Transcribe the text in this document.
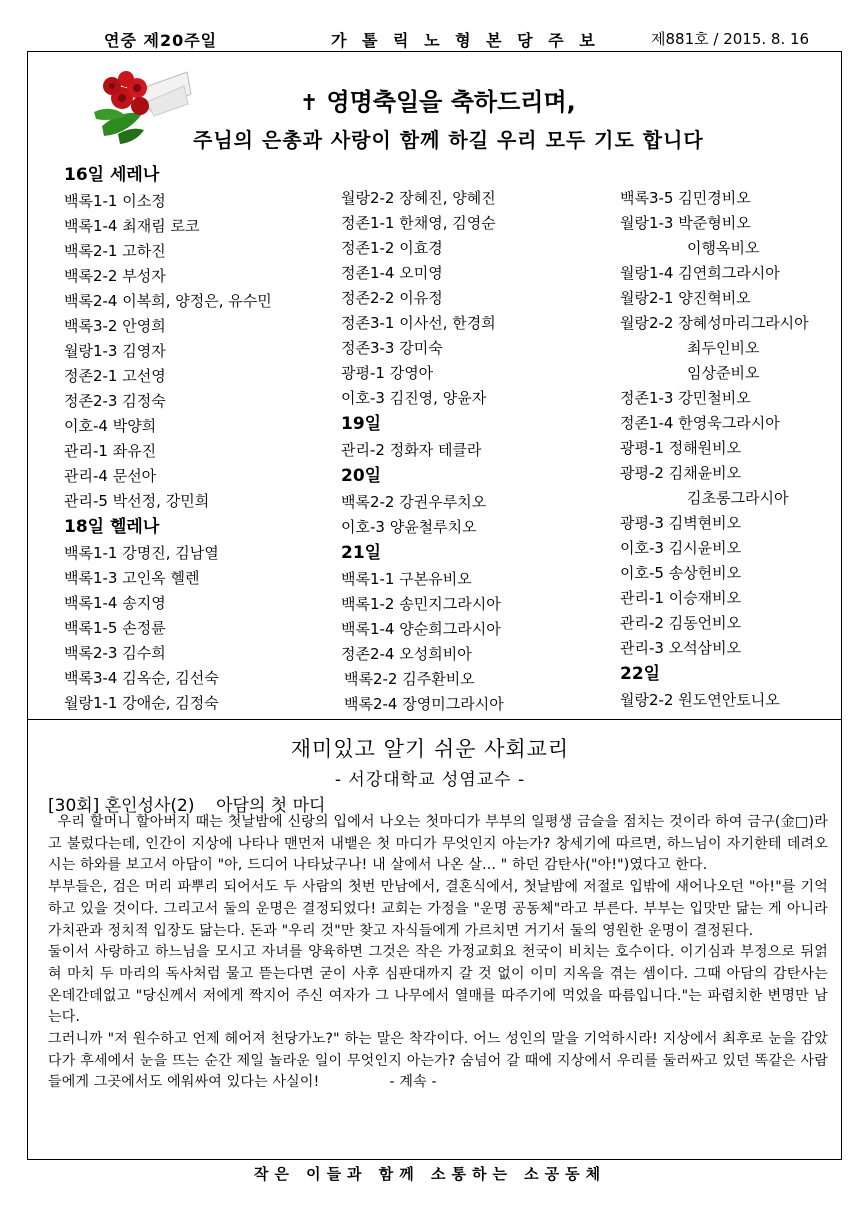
연중 제20주일	가 톨 릭 노 형 본 당 주 보	제881호 / 2015. 8. 16
✝ 영명축일을 축하드리며,
주님의 은총과 사랑이 함께 하길 우리 모두 기도 합니다
16일 세레나
백록1-1 이소정
백록1-4 최재림 로코
백록2-1 고하진
백록2-2 부성자
백록2-4 이복희, 양정은, 유수민
백록3-2 안영희
월랑1-3 김영자
정존2-1 고선영
정존2-3 김정숙
이호-4 박양희
관리-1 좌유진
관리-4 문선아
관리-5 박선정, 강민희
18일 헬레나
백록1-1 강명진, 김남열
백록1-3 고인옥 헬렌
백록1-4 송지영
백록1-5 손정륜
백록2-3 김수희
백록3-4 김옥순, 김선숙
월랑1-1 강애순, 김정숙
월랑2-2 장혜진, 양혜진
정존1-1 한채영, 김영순
정존1-2 이효경
정존1-4 오미영
정존2-2 이유정
정존3-1 이사선, 한경희
정존3-3 강미숙
광평-1 강영아
이호-3 김진영, 양윤자
19일
관리-2 정화자 테클라
20일
백록2-2 강권우루치오
이호-3 양윤철루치오
21일
백록1-1 구본유비오
백록1-2 송민지그라시아
백록1-4 양순희그라시아
정존2-4 오성희비아
백록2-2 김주환비오
백록2-4 장영미그라시아
백록3-5 김민경비오
월랑1-3 박준형비오
이행옥비오
월랑1-4 김연희그라시아
월랑2-1 양진혁비오
월랑2-2 장혜성마리그라시아
최두인비오
임상준비오
정존1-3 강민철비오
정존1-4 한영욱그라시아
광평-1 정해원비오
광평-2 김채윤비오
김초롱그라시아
광평-3 김벽현비오
이호-3 김시윤비오
이호-5 송상헌비오
관리-1 이승재비오
관리-2 김동언비오
관리-3 오석삼비오
22일
월랑2-2 원도연안토니오
재미있고 알기 쉬운 사회교리
- 서강대학교 성염교수 -
[30회] 혼인성사(2)    아담의 첫 마디

우리 할머니 할아버지 때는 첫날밤에 신랑의 입에서 나오는 첫마디가 부부의 일평생 금슬을 점치는 것이라 하여 금구(金□)라고 불렀다는데, 인간이 지상에 나타나 맨먼저 내뱉은 첫 마디가 무엇인지 아는가? 창세기에 따르면, 하느님이 자기한테 데려오시는 하와를 보고서 아담이 "아, 드디어 나타났구나! 내 살에서 나온 살... " 하던 감탄사("아!")였다고 한다.

부부들은, 검은 머리 파뿌리 되어서도 두 사람의 첫번 만남에서, 결혼식에서, 첫날밤에 저절로 입밖에 새어나오던 "아!"를 기억하고 있을 것이다. 그리고서 둘의 운명은 결정되었다! 교회는 가정을 "운명 공동체"라고 부른다. 부부는 입맛만 닮는 게 아니라 가치관과 정치적 입장도 닮는다. 돈과 "우리 것"만 찾고 자식들에게 가르치면 거기서 둘의 영원한 운명이 결정된다.

둘이서 사랑하고 하느님을 모시고 자녀를 양육하면 그것은 작은 가정교회요 천국이 비치는 호수이다. 이기심과 부정으로 뒤얽혀 마치 두 마리의 독사처럼 물고 뜯는다면 굳이 사후 심판대까지 갈 것 없이 이미 지옥을 겪는 셈이다. 그때 아담의 감탄사는 온데간데없고 "당신께서 저에게 짝지어 주신 여자가 그 나무에서 열매를 따주기에 먹었을 따름입니다."는 파렴치한 변명만 남는다.

그러니까 "저 원수하고 언제 헤어져 천당가노?" 하는 말은 착각이다. 어느 성인의 말을 기억하시라! 지상에서 최후로 눈을 감았다가 후세에서 눈을 뜨는 순간 제일 놀라운 일이 무엇인지 아는가? 숨넘어 갈 때에 지상에서 우리를 둘러싸고 있던 똑같은 사람들에게 그곳에서도 에워싸여 있다는 사실이!	- 계속 -

작은 이들과 함께 소통하는 소공동체
